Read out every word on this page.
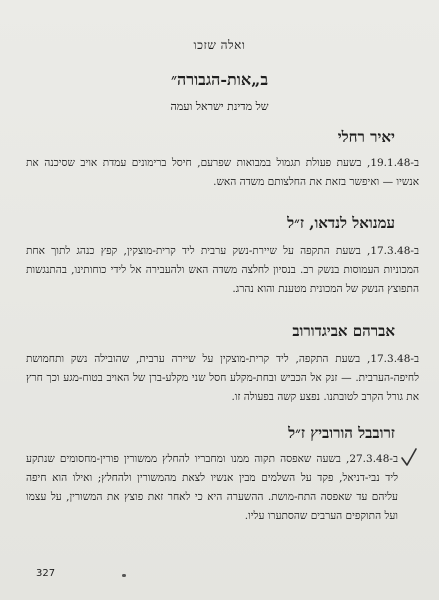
ואלה שזכו
ב„אות-הגבורה״
של מדינת ישראל ועמה
יאיר רחלי
ב-19.1.48, בשעת פעולת תגמול במבואות שפרעם, חיסל ברימונים עמדת אויב שסיכנה את אנשיו — ואיפשר בזאת את החלצותם משדה האש.
עמנואל לנדאו, ז״ל
ב-17.3.48, בשעת התקפה על שיירת-נשק ערבית ליד קרית-מוצקין, קפץ כנהג לתוך אחת המכוניות העמוסות בנשק רב. בנסיון לחלצה משדה האש ולהעבירה אל לידי כוחותינו, בהתנגשות התפוצץ הנשק של המכונית מטענת והוא נהרג.
אברהם אביגדורוב
ב-17.3.48, בשעת התקפה, ליד קרית-מוצקין על שיירה ערבית, שהובילה נשק ותחמושת לחיפה-הערבית. — זנק אל הכביש ובחת-מקלע חסל שני מקלע-ברן של האויב בטוח-מגע וכך חרץ את גורל הקרב לטובתנו. נפצע קשה בפעולה זו.
זרובבל הורוביץ ז״ל
ב-27.3.48, בשעה שאפסה תקוה ממנו ומחבריו להחלץ ממשורין פורין-מחסומים שנתקע ליד נבי-דניאל, פקד על השלמים מבין אנשיו לצאת מהמשורין ולהחלץ; ואילו הוא חיפה עליהם עד שאפסה התח-מושת. ההשערה היא כי לאחר זאת פוצץ את המשורין, על עצמו ועל התוקפים הערבים שהסתערו עליו.
327
